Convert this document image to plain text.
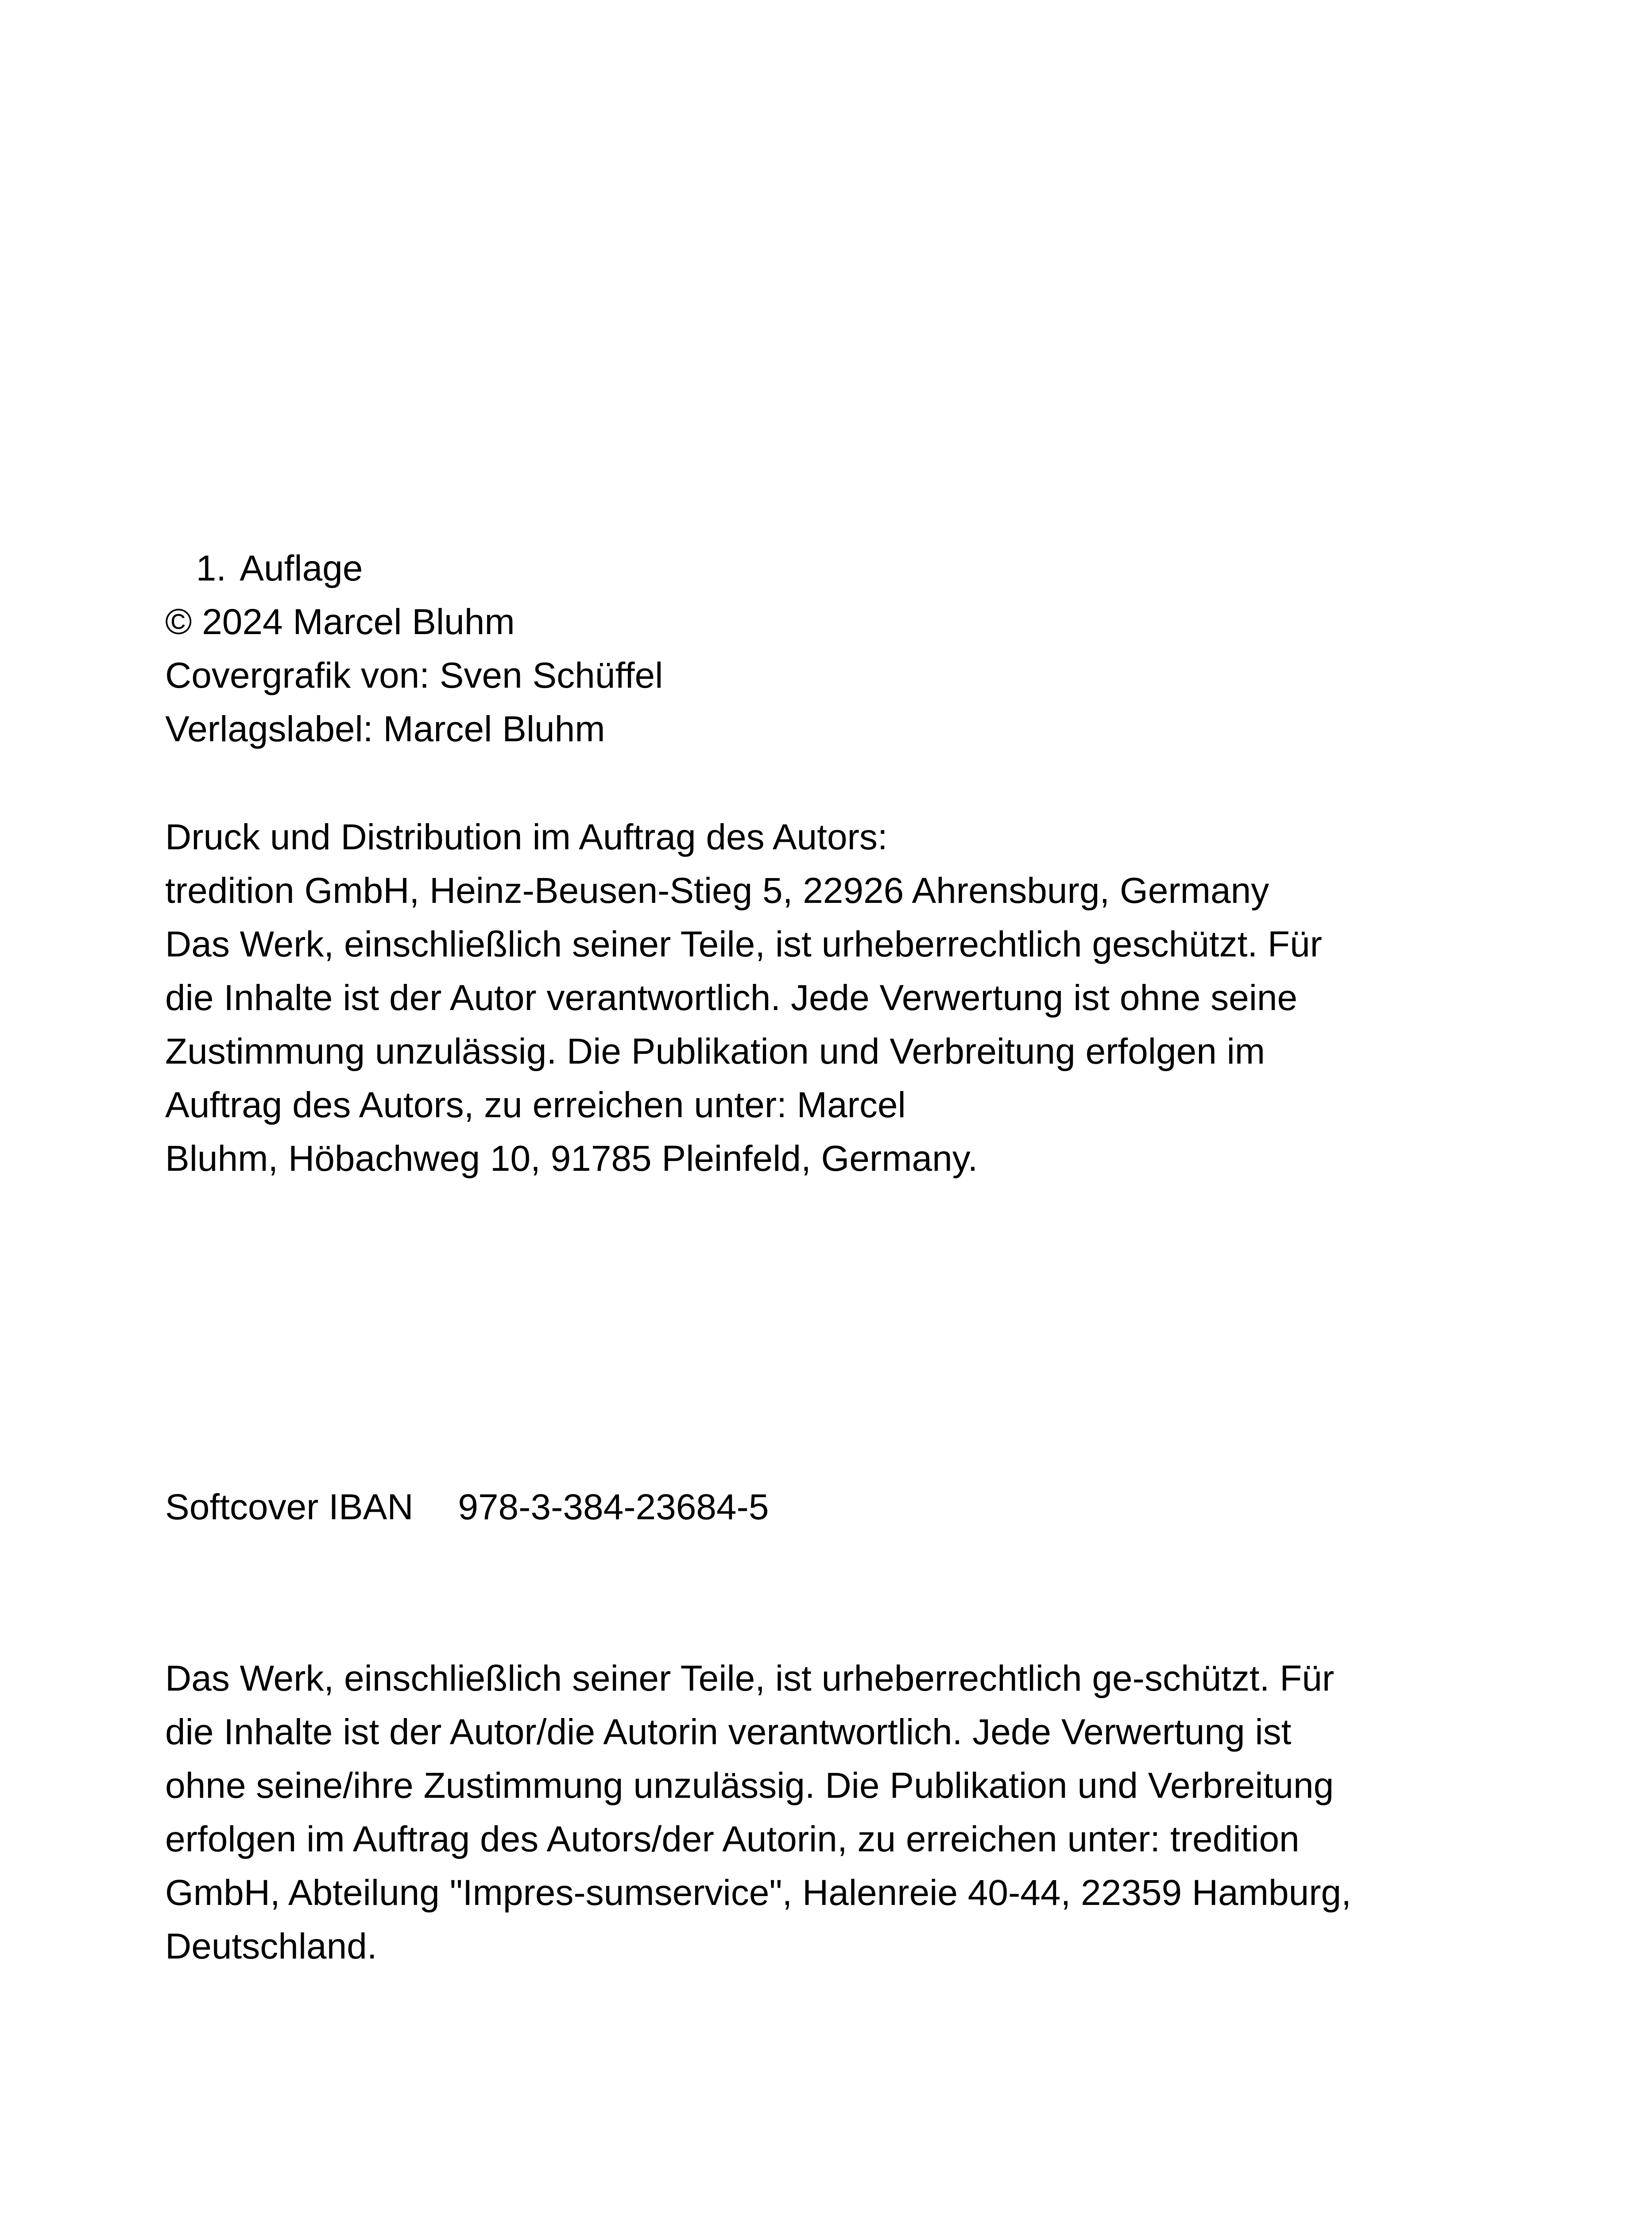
1. Auflage
© 2024 Marcel Bluhm
Covergrafik von: Sven Schüffel
Verlagslabel: Marcel Bluhm
Druck und Distribution im Auftrag des Autors:
tredition GmbH, Heinz-Beusen-Stieg 5, 22926 Ahrensburg, Germany
Das Werk, einschließlich seiner Teile, ist urheberrechtlich geschützt. Für
die Inhalte ist der Autor verantwortlich. Jede Verwertung ist ohne seine
Zustimmung unzulässig. Die Publikation und Verbreitung erfolgen im
Auftrag des Autors, zu erreichen unter: Marcel
Bluhm, Höbachweg 10, 91785 Pleinfeld, Germany.
Softcover IBAN 978-3-384-23684-5
Das Werk, einschließlich seiner Teile, ist urheberrechtlich ge-schützt. Für
die Inhalte ist der Autor/die Autorin verantwortlich. Jede Verwertung ist
ohne seine/ihre Zustimmung unzulässig. Die Publikation und Verbreitung
erfolgen im Auftrag des Autors/der Autorin, zu erreichen unter: tredition
GmbH, Abteilung "Impres-sumservice", Halenreie 40-44, 22359 Hamburg,
Deutschland.
